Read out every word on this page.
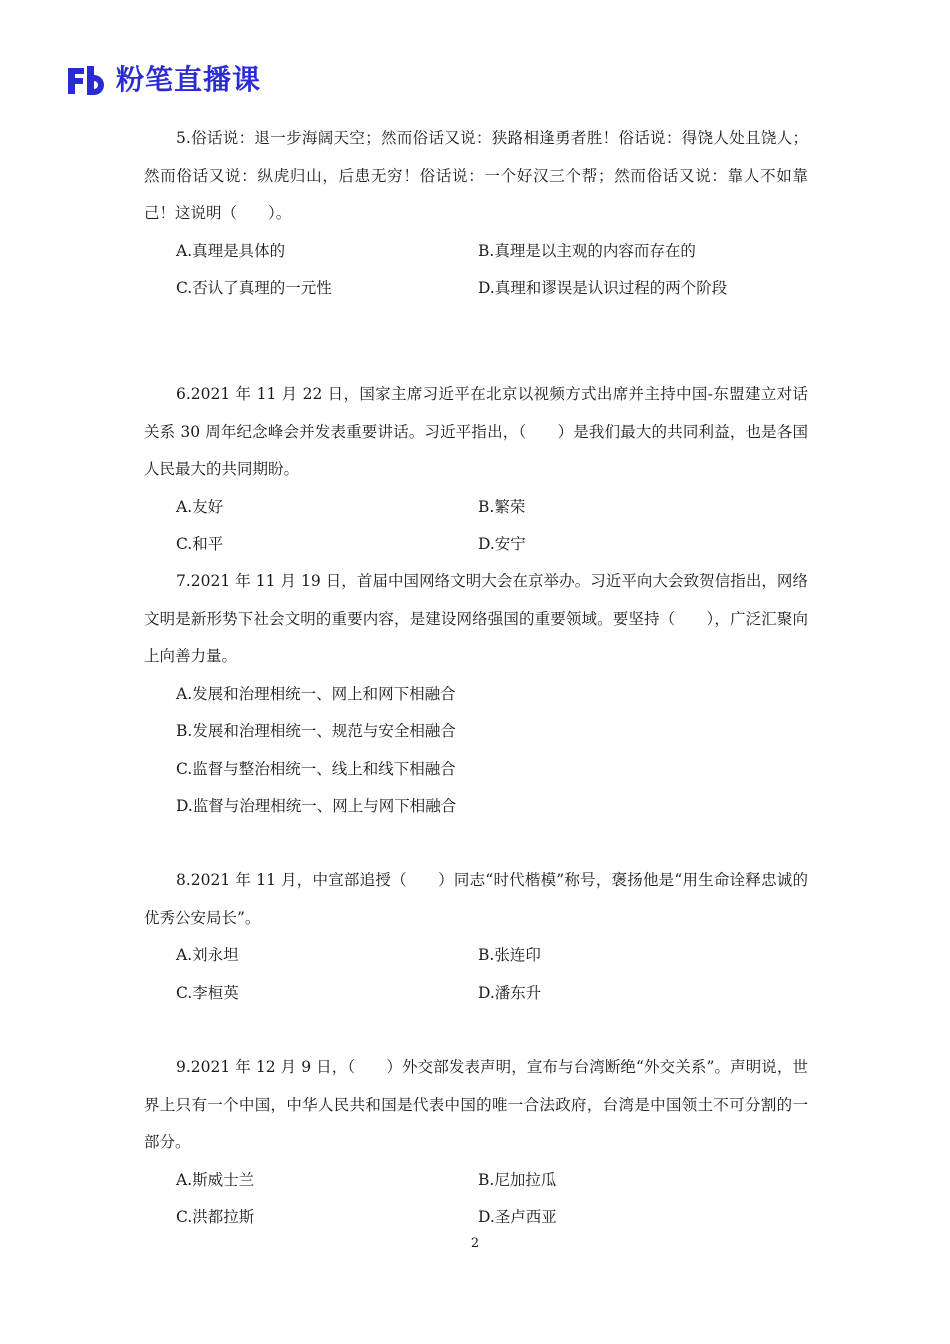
粉笔直播课

5.俗话说：退一步海阔天空；然而俗话又说：狭路相逢勇者胜！俗话说：得饶人处且饶人；然而俗话又说：纵虎归山，后患无穷！俗话说：一个好汉三个帮；然而俗话又说：靠人不如靠己！这说明（　　）。

A.真理是具体的	B.真理是以主观的内容而存在的
C.否认了真理的一元性	D.真理和谬误是认识过程的两个阶段

6.2021 年 11 月 22 日，国家主席习近平在北京以视频方式出席并主持中国-东盟建立对话关系 30 周年纪念峰会并发表重要讲话。习近平指出，（　　）是我们最大的共同利益，也是各国人民最大的共同期盼。

A.友好	B.繁荣
C.和平	D.安宁

7.2021 年 11 月 19 日，首届中国网络文明大会在京举办。习近平向大会致贺信指出，网络文明是新形势下社会文明的重要内容，是建设网络强国的重要领域。要坚持（　　），广泛汇聚向上向善力量。

A.发展和治理相统一、网上和网下相融合
B.发展和治理相统一、规范与安全相融合
C.监督与整治相统一、线上和线下相融合
D.监督与治理相统一、网上与网下相融合

8.2021 年 11 月，中宣部追授（　　）同志“时代楷模”称号，褒扬他是“用生命诠释忠诚的优秀公安局长”。

A.刘永坦	B.张连印
C.李桓英	D.潘东升

9.2021 年 12 月 9 日，（　　）外交部发表声明，宣布与台湾断绝“外交关系”。声明说，世界上只有一个中国，中华人民共和国是代表中国的唯一合法政府，台湾是中国领土不可分割的一部分。

A.斯威士兰	B.尼加拉瓜
C.洪都拉斯	D.圣卢西亚
2
